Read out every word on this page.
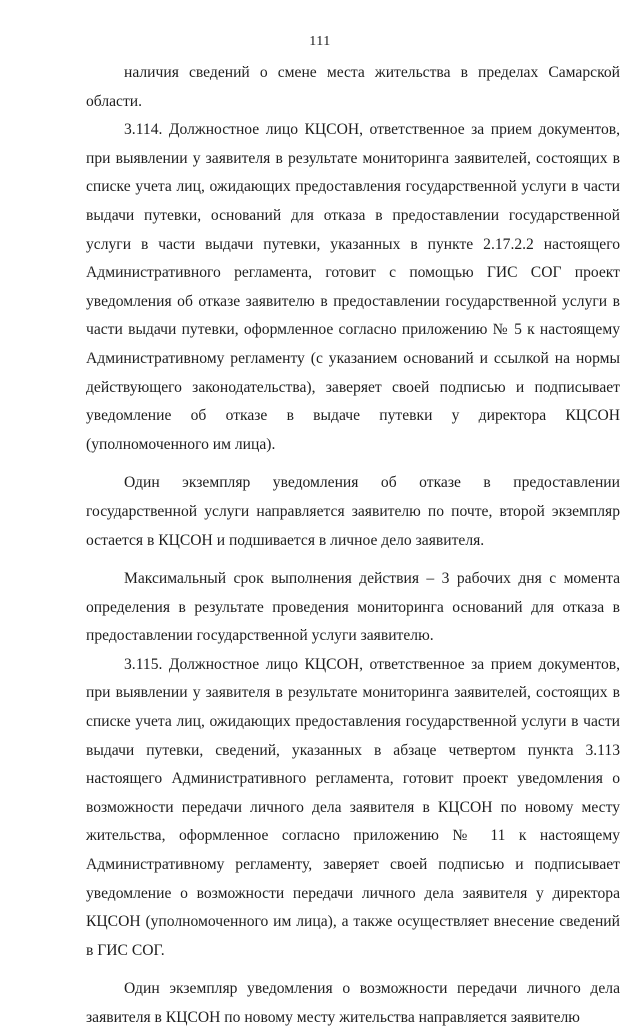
111

наличия сведений о смене места жительства в пределах Самарской области.

3.114. Должностное лицо КЦСОН, ответственное за прием документов, при выявлении у заявителя в результате мониторинга заявителей, состоящих в списке учета лиц, ожидающих предоставления государственной услуги в части выдачи путевки, оснований для отказа в предоставлении государственной услуги в части выдачи путевки, указанных в пункте 2.17.2.2 настоящего Административного регламента, готовит с помощью ГИС СОГ проект уведомления об отказе заявителю в предоставлении государственной услуги в части выдачи путевки, оформленное согласно приложению № 5 к настоящему Административному регламенту (с указанием оснований и ссылкой на нормы действующего законодательства), заверяет своей подписью и подписывает уведомление об отказе в выдаче путевки у директора КЦСОН (уполномоченного им лица).

Один экземпляр уведомления об отказе в предоставлении государственной услуги направляется заявителю по почте, второй экземпляр остается в КЦСОН и подшивается в личное дело заявителя.

Максимальный срок выполнения действия – 3 рабочих дня с момента определения в результате проведения мониторинга оснований для отказа в предоставлении государственной услуги заявителю.

3.115. Должностное лицо КЦСОН, ответственное за прием документов, при выявлении у заявителя в результате мониторинга заявителей, состоящих в списке учета лиц, ожидающих предоставления государственной услуги в части выдачи путевки, сведений, указанных в абзаце четвертом пункта 3.113 настоящего Административного регламента, готовит проект уведомления о возможности передачи личного дела заявителя в КЦСОН по новому месту жительства, оформленное согласно приложению № 11 к настоящему Административному регламенту, заверяет своей подписью и подписывает уведомление о возможности передачи личного дела заявителя у директора КЦСОН (уполномоченного им лица), а также осуществляет внесение сведений в ГИС СОГ.

Один экземпляр уведомления о возможности передачи личного дела заявителя в КЦСОН по новому месту жительства направляется заявителю
